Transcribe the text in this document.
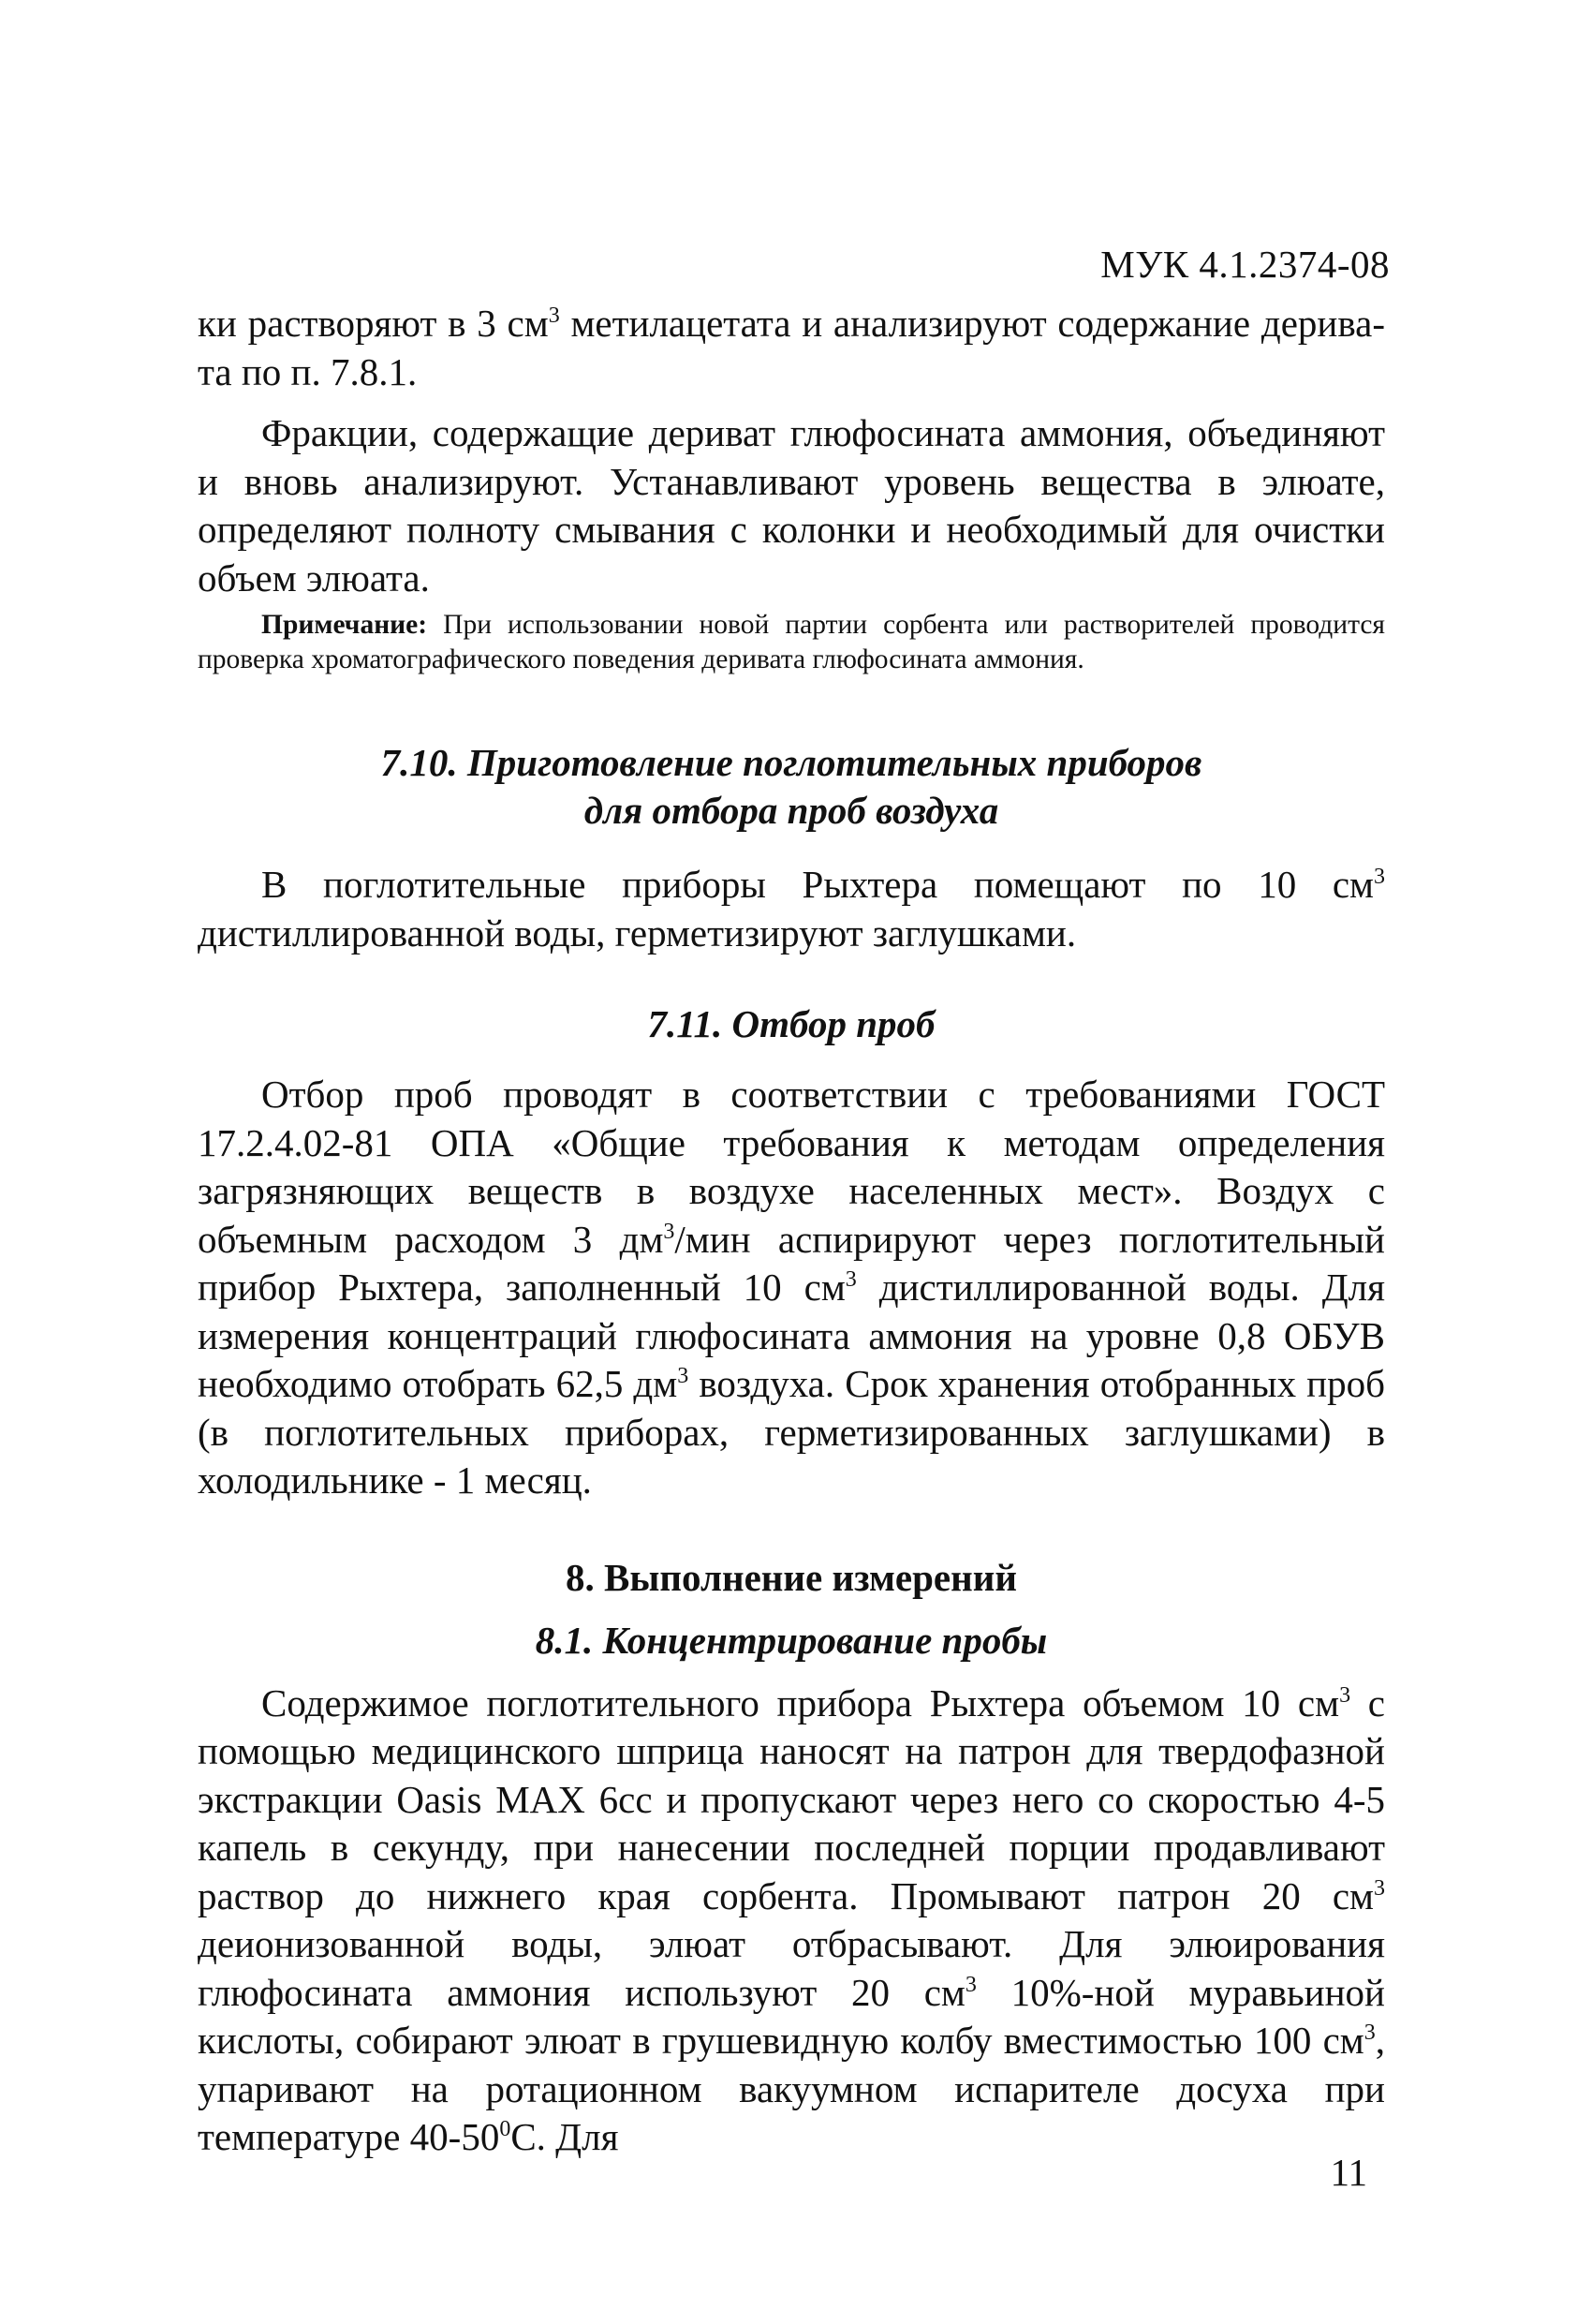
МУК 4.1.2374-08

ки растворяют в 3 $см^3$ метилацетата и анализируют содержание дерива-та по п. 7.8.1.

Фракции, содержащие дериват глюфосината аммония, объединяют и вновь анализируют. Устанавливают уровень вещества в элюате, определяют полноту смывания с колонки и необходимый для очистки объем элюата.

Примечание: При использовании новой партии сорбента или растворителей проводится проверка хроматографического поведения деривата глюфосината аммония.

7.10. Приготовление поглотительных приборов

для отбора проб воздуха

В поглотительные приборы Рыхтера помещают по 10 $см^3$ дистиллированной воды, герметизируют заглушками.

7.11. Отбор проб

Отбор проб проводят в соответствии с требованиями ГОСТ 17.2.4.02-81 ОПА «Общие требования к методам определения загрязняющих веществ в воздухе населенных мест». Воздух с объемным расходом 3 $дм^3$/мин аспирируют через поглотительный прибор Рыхтера, заполненный 10 $см^3$ дистиллированной воды. Для измерения концентраций глюфосината аммония на уровне 0,8 ОБУВ необходимо отобрать 62,5 $дм^3$ воздуха. Срок хранения отобранных проб (в поглотительных приборах, герметизированных заглушками) в холодильнике - 1 месяц.

8. Выполнение измерений

8.1. Концентрирование пробы

Содержимое поглотительного прибора Рыхтера объемом 10 $см^3$ с помощью медицинского шприца наносят на патрон для твердофазной экстракции Oasis MAX 6cc и пропускают через него со скоростью 4-5 капель в секунду, при нанесении последней порции продавливают раствор до нижнего края сорбента. Промывают патрон 20 $см^3$ деионизованной воды, элюат отбрасывают. Для элюирования глюфосината аммония используют 20 $см^3$ 10%-ной муравьиной кислоты, собирают элюат в грушевидную колбу вместимостью 100 $см^3$, упаривают на ротационном вакуумном испарителе досуха при температуре $40-50^0С$. Для

11
